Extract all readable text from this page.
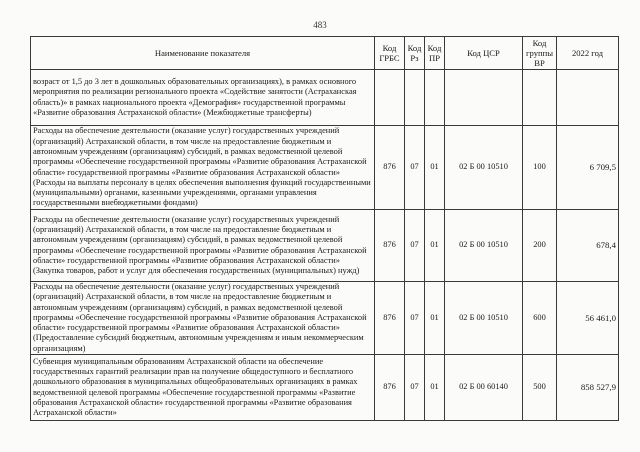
483
Наименование показателя	Код ГРБС	Код Рз	Код ПР	Код ЦСР	Код группы ВР	2022 год
возраст от 1,5 до 3 лет в дошкольных образовательных организациях), в рамках основного мероприятия по реализации регионального проекта «Содействие занятости (Астраханская область)» в рамках национального проекта «Демография» государственной программы «Развитие образования Астраханской области» (Межбюджетные трансферты)						
Расходы на обеспечение деятельности (оказание услуг) государственных учреждений (организаций) Астраханской области, в том числе на предоставление бюджетным и автономным учреждениям (организациям) субсидий, в рамках ведомственной целевой программы «Обеспечение государственной программы «Развитие образования Астраханской области» государственной программы «Развитие образования Астраханской области» (Расходы на выплаты персоналу в целях обеспечения выполнения функций государственными (муниципальными) органами, казенными учреждениями, органами управления государственными внебюджетными фондами)	876	07	01	02 Б 00 10510	100	6 709,5
Расходы на обеспечение деятельности (оказание услуг) государственных учреждений (организаций) Астраханской области, в том числе на предоставление бюджетным и автономным учреждениям (организациям) субсидий, в рамках ведомственной целевой программы «Обеспечение государственной программы «Развитие образования Астраханской области» государственной программы «Развитие образования Астраханской области» (Закупка товаров, работ и услуг для обеспечения государственных (муниципальных) нужд)	876	07	01	02 Б 00 10510	200	678,4
Расходы на обеспечение деятельности (оказание услуг) государственных учреждений (организаций) Астраханской области, в том числе на предоставление бюджетным и автономным учреждениям (организациям) субсидий, в рамках ведомственной целевой программы «Обеспечение государственной программы «Развитие образования Астраханской области» государственной программы «Развитие образования Астраханской области» (Предоставление субсидий бюджетным, автономным учреждениям и иным некоммерческим организациям)	876	07	01	02 Б 00 10510	600	56 461,0
Субвенция муниципальным образованиям Астраханской области на обеспечение государственных гарантий реализации прав на получение общедоступного и бесплатного дошкольного образования в муниципальных общеобразовательных организациях в рамках ведомственной целевой программы «Обеспечение государственной программы «Развитие образования Астраханской области» государственной программы «Развитие образования Астраханской области»	876	07	01	02 Б 00 60140	500	858 527,9
